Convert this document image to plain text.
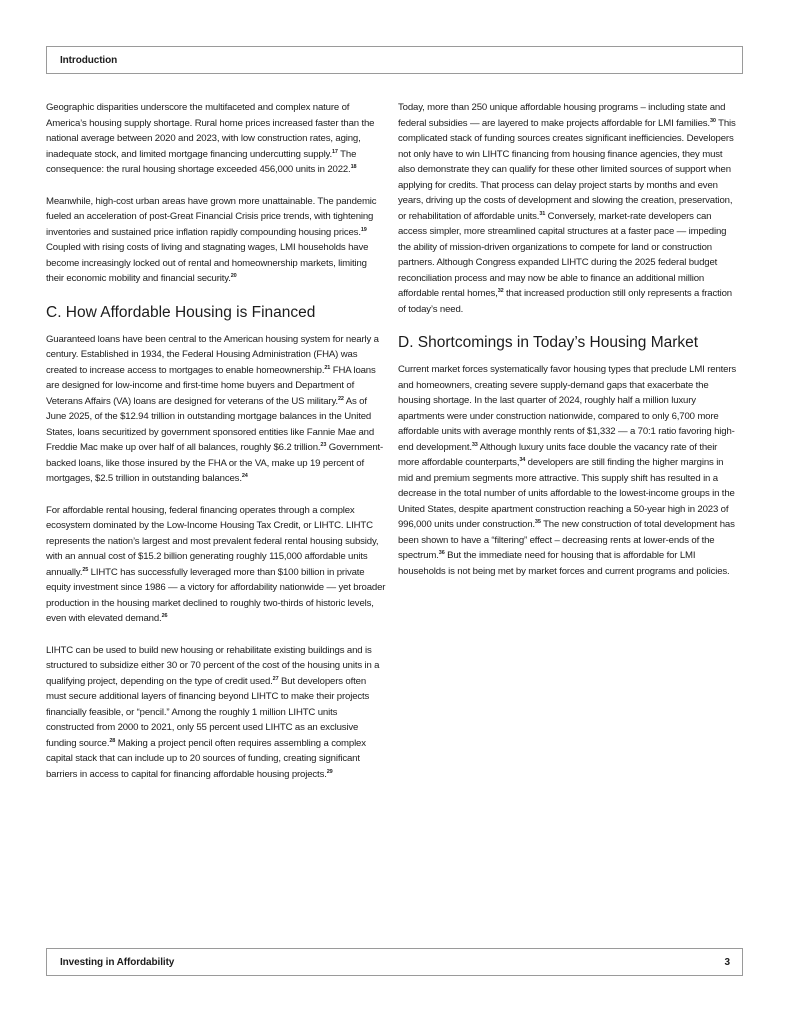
Introduction

Geographic disparities underscore the multifaceted and complex nature of America’s housing supply shortage. Rural home prices increased faster than the national average between 2020 and 2023, with low construction rates, aging, inadequate stock, and limited mortgage financing undercutting supply.$^{17}$ The consequence: the rural housing shortage exceeded 456,000 units in 2022.18

Meanwhile, high-cost urban areas have grown more unattainable. The pandemic fueled an acceleration of post-Great Financial Crisis price trends, with tightening inventories and sustained price inflation rapidly compounding housing prices.$^{19}$ Coupled with rising costs of living and stagnating wages, LMI households have become increasingly locked out of rental and homeownership markets, limiting their economic mobility and financial security.$^{20}$

C. How Affordable Housing is Financed

Guaranteed loans have been central to the American housing system for nearly a century. Established in 1934, the Federal Housing Administration (FHA) was created to increase access to mortgages to enable homeownership.$^{21}$ FHA loans are designed for low-income and first-time home buyers and Department of Veterans Affairs (VA) loans are designed for veterans of the US military.$^{22}$ As of June 2025, of the $12.94 trillion in outstanding mortgage balances in the United States, loans securitized by government sponsored entities like Fannie Mae and Freddie Mac make up over half of all balances, roughly $6.2 trillion.$^{23}$ Government-backed loans, like those insured by the FHA or the VA, make up 19 percent of mortgages, $2.5 trillion in outstanding balances.$^{24}$

For affordable rental housing, federal financing operates through a complex ecosystem dominated by the Low-Income Housing Tax Credit, or LIHTC. LIHTC represents the nation’s largest and most prevalent federal rental housing subsidy, with an annual cost of $15.2 billion generating roughly 115,000 affordable units annually.$^{25}$ LIHTC has successfully leveraged more than $100 billion in private equity investment since 1986 — a victory for affordability nationwide — yet broader production in the housing market declined to roughly two-thirds of historic levels, even with elevated demand.$^{26}$

LIHTC can be used to build new housing or rehabilitate existing buildings and is structured to subsidize either 30 or 70 percent of the cost of the housing units in a qualifying project, depending on the type of credit used.$^{27}$ But developers often must secure additional layers of financing beyond LIHTC to make their projects financially feasible, or “pencil.” Among the roughly 1 million LIHTC units constructed from 2000 to 2021, only 55 percent used LIHTC as an exclusive funding source.$^{28}$ Making a project pencil often requires assembling a complex capital stack that can include up to 20 sources of funding, creating significant barriers in access to capital for financing affordable housing projects.$^{29}$

Today, more than 250 unique affordable housing programs – including state and federal subsidies — are layered to make projects affordable for LMI families.$^{30}$ This complicated stack of funding sources creates significant inefficiencies. Developers not only have to win LIHTC financing from housing finance agencies, they must also demonstrate they can qualify for these other limited sources of support when applying for credits. That process can delay project starts by months and even years, driving up the costs of development and slowing the creation, preservation, or rehabilitation of affordable units.$^{31}$ Conversely, market-rate developers can access simpler, more streamlined capital structures at a faster pace — impeding the ability of mission-driven organizations to compete for land or construction partners. Although Congress expanded LIHTC during the 2025 federal budget reconciliation process and may now be able to finance an additional million affordable rental homes,$^{32}$ that increased production still only represents a fraction of today’s need.

D. Shortcomings in Today’s Housing Market

Current market forces systematically favor housing types that preclude LMI renters and homeowners, creating severe supply-demand gaps that exacerbate the housing shortage. In the last quarter of 2024, roughly half a million luxury apartments were under construction nationwide, compared to only 6,700 more affordable units with average monthly rents of $1,332 — a 70:1 ratio favoring high-end development.$^{33}$ Although luxury units face double the vacancy rate of their more affordable counterparts,$^{34}$ developers are still finding the higher margins in mid and premium segments more attractive. This supply shift has resulted in a decrease in the total number of units affordable to the lowest-income groups in the United States, despite apartment construction reaching a 50-year high in 2023 of 996,000 units under construction.$^{35}$ The new construction of total development has been shown to have a “filtering” effect – decreasing rents at lower-ends of the spectrum.$^{36}$ But the immediate need for housing that is affordable for LMI households is not being met by market forces and current programs and policies.

Investing in Affordability	3
